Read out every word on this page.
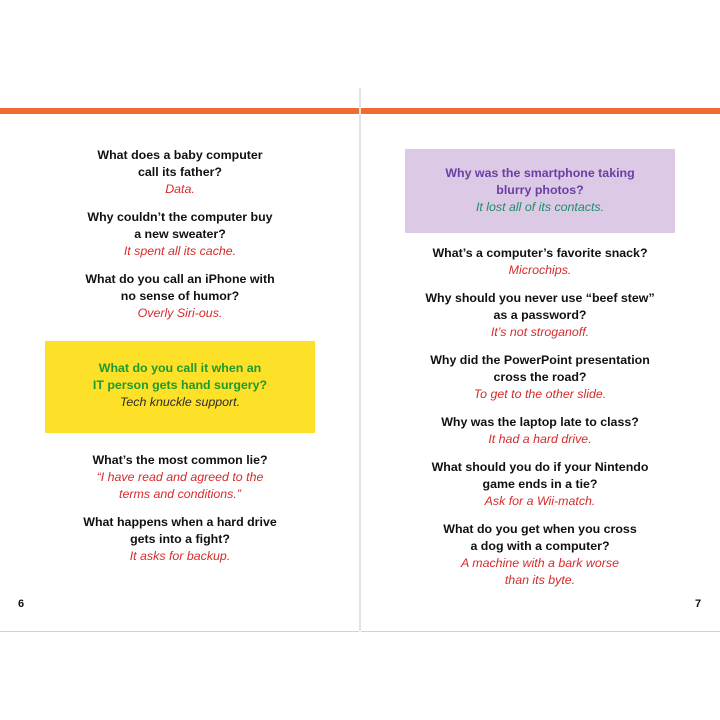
What does a baby computer
call its father?
Data.
Why couldn’t the computer buy
a new sweater?
It spent all its cache.
What do you call an iPhone with
no sense of humor?
Overly Siri-ous.
What do you call it when an
IT person gets hand surgery?
Tech knuckle support.
What’s the most common lie?
“I have read and agreed to the
terms and conditions.”
What happens when a hard drive
gets into a fight?
It asks for backup.
6
Why was the smartphone taking
blurry photos?
It lost all of its contacts.
What’s a computer’s favorite snack?
Microchips.
Why should you never use “beef stew”
as a password?
It’s not stroganoff.
Why did the PowerPoint presentation
cross the road?
To get to the other slide.
Why was the laptop late to class?
It had a hard drive.
What should you do if your Nintendo
game ends in a tie?
Ask for a Wii-match.
What do you get when you cross
a dog with a computer?
A machine with a bark worse
than its byte.
7
